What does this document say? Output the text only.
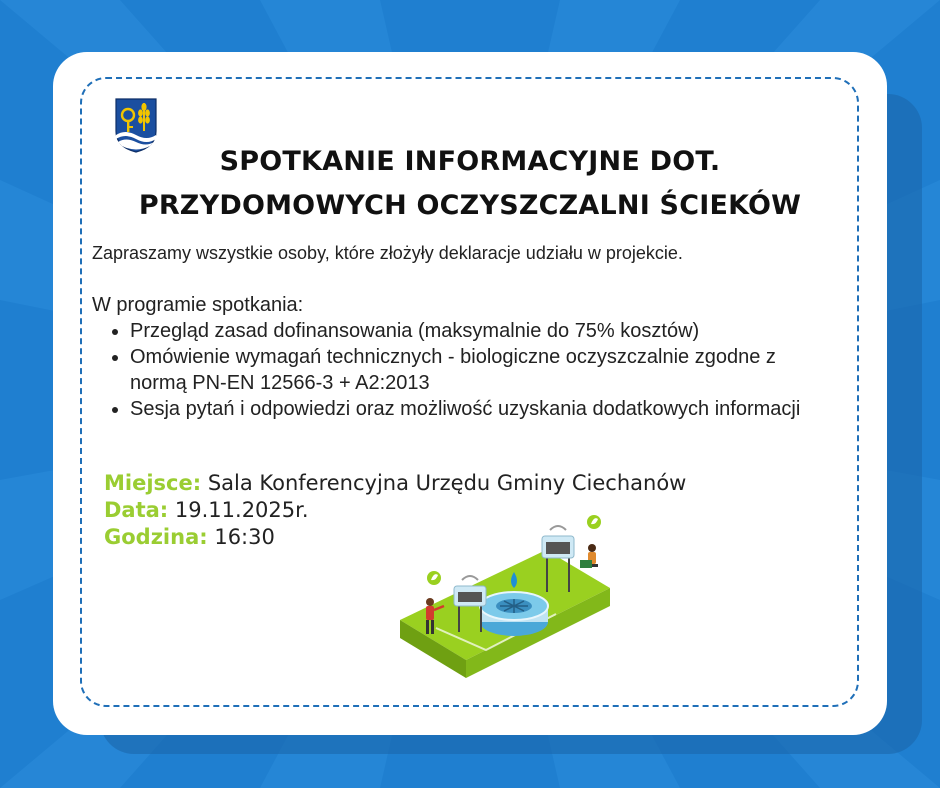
SPOTKANIE INFORMACYJNE DOT.
PRZYDOMOWYCH OCZYSZCZALNI ŚCIEKÓW
Zapraszamy wszystkie osoby, które złożyły deklaracje udziału w projekcie.
W programie spotkania:
• Przegląd zasad dofinansowania (maksymalnie do 75% kosztów)
• Omówienie wymagań technicznych - biologiczne oczyszczalnie zgodne z normą PN-EN 12566-3 + A2:2013
• Sesja pytań i odpowiedzi oraz możliwość uzyskania dodatkowych informacji
Miejsce: Sala Konferencyjna Urzędu Gminy Ciechanów
Data: 19.11.2025r.
Godzina: 16:30
